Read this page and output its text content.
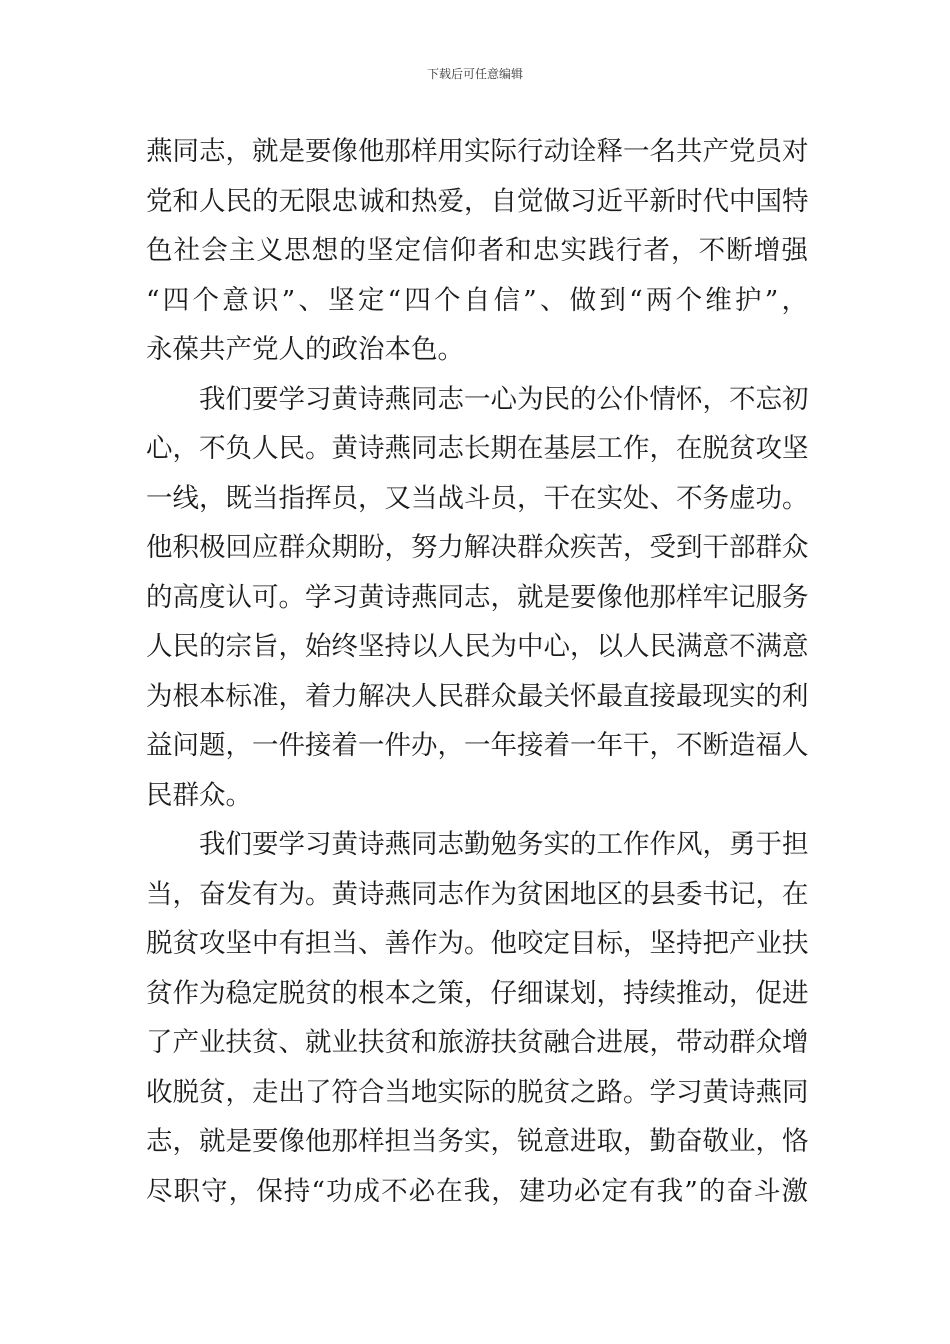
下载后可任意编辑
燕同志，就是要像他那样用实际行动诠释一名共产党员对
党和人民的无限忠诚和热爱，自觉做习近平新时代中国特
色社会主义思想的坚定信仰者和忠实践行者，不断增强
“四个意识”、坚定“四个自信”、做到“两个维护”，
永葆共产党人的政治本色。
我们要学习黄诗燕同志一心为民的公仆情怀，不忘初
心，不负人民。黄诗燕同志长期在基层工作，在脱贫攻坚
一线，既当指挥员，又当战斗员，干在实处、不务虚功。
他积极回应群众期盼，努力解决群众疾苦，受到干部群众
的高度认可。学习黄诗燕同志，就是要像他那样牢记服务
人民的宗旨，始终坚持以人民为中心，以人民满意不满意
为根本标准，着力解决人民群众最关怀最直接最现实的利
益问题，一件接着一件办，一年接着一年干，不断造福人
民群众。
我们要学习黄诗燕同志勤勉务实的工作作风，勇于担
当，奋发有为。黄诗燕同志作为贫困地区的县委书记，在
脱贫攻坚中有担当、善作为。他咬定目标，坚持把产业扶
贫作为稳定脱贫的根本之策，仔细谋划，持续推动，促进
了产业扶贫、就业扶贫和旅游扶贫融合进展，带动群众增
收脱贫，走出了符合当地实际的脱贫之路。学习黄诗燕同
志，就是要像他那样担当务实，锐意进取，勤奋敬业，恪
尽职守，保持“功成不必在我，建功必定有我”的奋斗激
